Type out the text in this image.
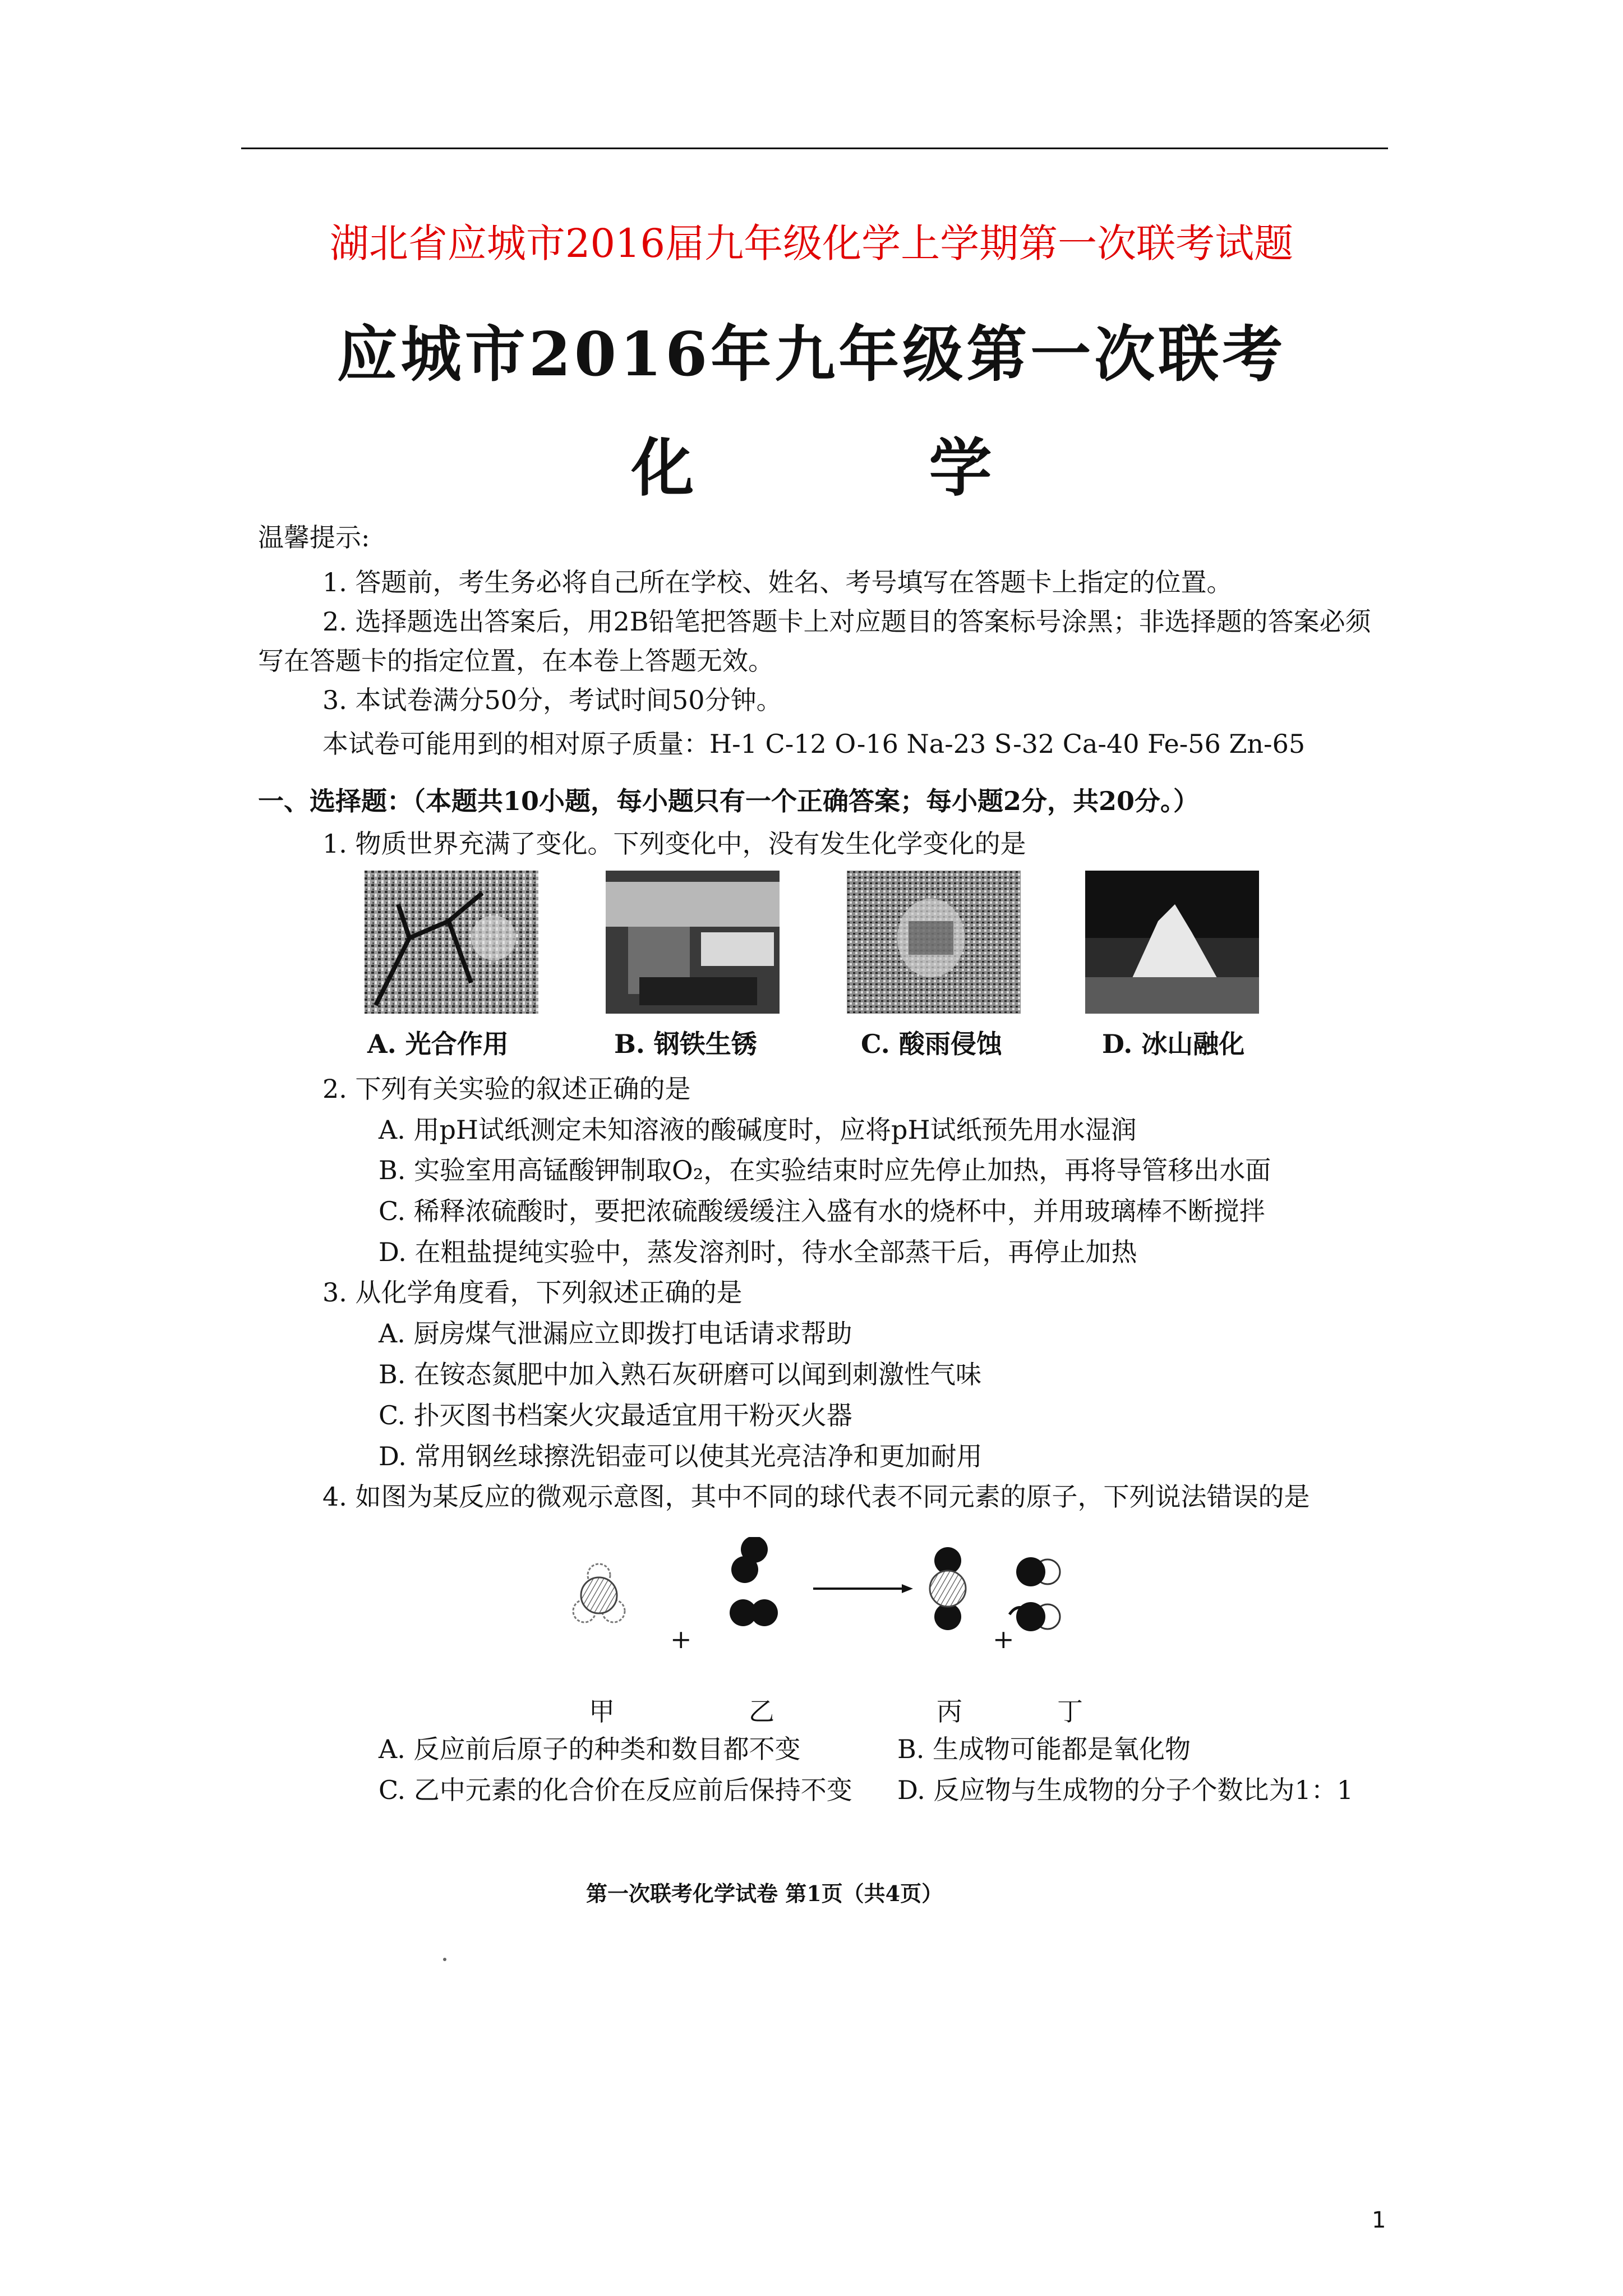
湖北省应城市2016届九年级化学上学期第一次联考试题
应城市2016年九年级第一次联考
化 学
温馨提示:
1. 答题前，考生务必将自己所在学校、姓名、考号填写在答题卡上指定的位置。
2. 选择题选出答案后，用2B铅笔把答题卡上对应题目的答案标号涂黑；非选择题的答案必须
写在答题卡的指定位置，在本卷上答题无效。
3. 本试卷满分50分，考试时间50分钟。
本试卷可能用到的相对原子质量：H-1 C-12 O-16 Na-23 S-32 Ca-40 Fe-56 Zn-65
一、选择题：（本题共10小题，每小题只有一个正确答案；每小题2分，共20分。）
1. 物质世界充满了变化。下列变化中，没有发生化学变化的是
A. 光合作用	B. 钢铁生锈	C. 酸雨侵蚀	D. 冰山融化
2. 下列有关实验的叙述正确的是
A. 用pH试纸测定未知溶液的酸碱度时，应将pH试纸预先用水湿润
B. 实验室用高锰酸钾制取O₂，在实验结束时应先停止加热，再将导管移出水面
C. 稀释浓硫酸时，要把浓硫酸缓缓注入盛有水的烧杯中，并用玻璃棒不断搅拌
D. 在粗盐提纯实验中，蒸发溶剂时，待水全部蒸干后，再停止加热
3. 从化学角度看，下列叙述正确的是
A. 厨房煤气泄漏应立即拨打电话请求帮助
B. 在铵态氮肥中加入熟石灰研磨可以闻到刺激性气味
C. 扑灭图书档案火灾最适宜用干粉灭火器
D. 常用钢丝球擦洗铝壶可以使其光亮洁净和更加耐用
4. 如图为某反应的微观示意图，其中不同的球代表不同元素的原子，下列说法错误的是
+	+
甲	乙	丙	丁
A. 反应前后原子的种类和数目都不变	B. 生成物可能都是氧化物
C. 乙中元素的化合价在反应前后保持不变 D. 反应物与生成物的分子个数比为1：1
第一次联考化学试卷 第1页（共4页）
1
